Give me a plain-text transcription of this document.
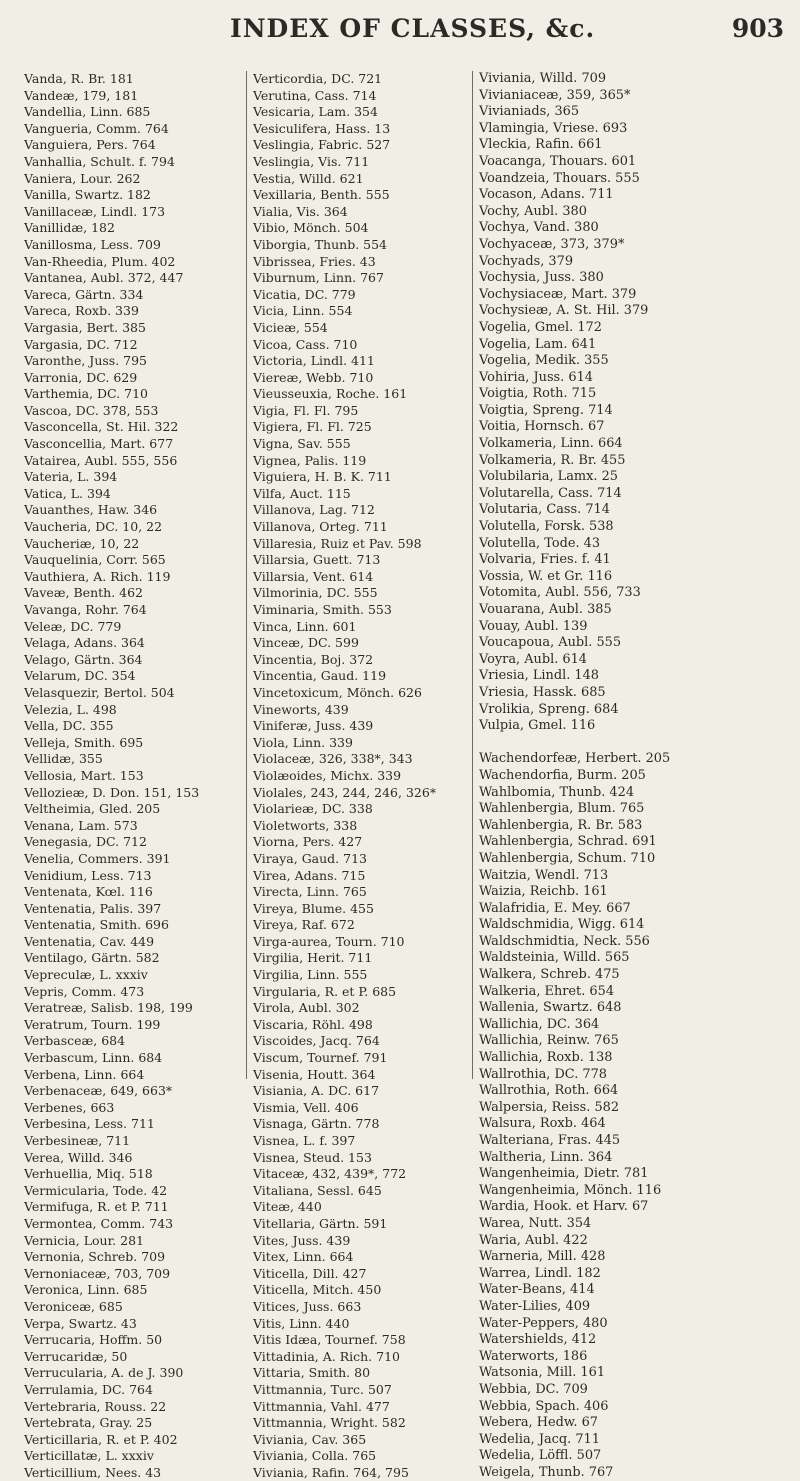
INDEX OF CLASSES, &c.	903
Vanda, R. Br. 181
Vandeæ, 179, 181
Vandellia, Linn. 685
Vangueria, Comm. 764
Vanguiera, Pers. 764
Vanhallia, Schult. f. 794
Vaniera, Lour. 262
Vanilla, Swartz. 182
Vanillaceæ, Lindl. 173
Vanillidæ, 182
Vanillosma, Less. 709
Van-Rheedia, Plum. 402
Vantanea, Aubl. 372, 447
Vareca, Gärtn. 334
Vareca, Roxb. 339
Vargasia, Bert. 385
Vargasia, DC. 712
Varonthe, Juss. 795
Varronia, DC. 629
Varthemia, DC. 710
Vascoa, DC. 378, 553
Vasconcella, St. Hil. 322
Vasconcellia, Mart. 677
Vatairea, Aubl. 555, 556
Vateria, L. 394
Vatica, L. 394
Vauanthes, Haw. 346
Vaucheria, DC. 10, 22
Vaucheriæ, 10, 22
Vauquelinia, Corr. 565
Vauthiera, A. Rich. 119
Vaveæ, Benth. 462
Vavanga, Rohr. 764
Veleæ, DC. 779
Velaga, Adans. 364
Velago, Gärtn. 364
Velarum, DC. 354
Velasquezir, Bertol. 504
Velezia, L. 498
Vella, DC. 355
Velleja, Smith. 695
Vellidæ, 355
Vellosia, Mart. 153
Vellozieæ, D. Don. 151, 153
Veltheimia, Gled. 205
Venana, Lam. 573
Venegasia, DC. 712
Venelia, Commers. 391
Venidium, Less. 713
Ventenata, Kœl. 116
Ventenatia, Palis. 397
Ventenatia, Smith. 696
Ventenatia, Cav. 449
Ventilago, Gärtn. 582
Vepreculæ, L. xxxiv
Vepris, Comm. 473
Veratreæ, Salisb. 198, 199
Veratrum, Tourn. 199
Verbasceæ, 684
Verbascum, Linn. 684
Verbena, Linn. 664
Verbenaceæ, 649, 663*
Verbenes, 663
Verbesina, Less. 711
Verbesineæ, 711
Verea, Willd. 346
Verhuellia, Miq. 518
Vermicularia, Tode. 42
Vermifuga, R. et P. 711
Vermontea, Comm. 743
Vernicia, Lour. 281
Vernonia, Schreb. 709
Vernoniaceæ, 703, 709
Veronica, Linn. 685
Veroniceæ, 685
Verpa, Swartz. 43
Verrucaria, Hoffm. 50
Verrucaridæ, 50
Verrucularia, A. de J. 390
Verrulamia, DC. 764
Vertebraria, Rouss. 22
Vertebrata, Gray. 25
Verticillaria, R. et P. 402
Verticillatæ, L. xxxiv
Verticillium, Nees. 43
Verticordia, DC. 721
Verutina, Cass. 714
Vesicaria, Lam. 354
Vesiculifera, Hass. 13
Veslingia, Fabric. 527
Veslingia, Vis. 711
Vestia, Willd. 621
Vexillaria, Benth. 555
Vialia, Vis. 364
Vibio, Mönch. 504
Viborgia, Thunb. 554
Vibrissea, Fries. 43
Viburnum, Linn. 767
Vicatia, DC. 779
Vicia, Linn. 554
Vicieæ, 554
Vicoa, Cass. 710
Victoria, Lindl. 411
Viereæ, Webb. 710
Vieusseuxia, Roche. 161
Vigia, Fl. Fl. 795
Vigiera, Fl. Fl. 725
Vigna, Sav. 555
Vignea, Palis. 119
Viguiera, H. B. K. 711
Vilfa, Auct. 115
Villanova, Lag. 712
Villanova, Orteg. 711
Villaresia, Ruiz et Pav. 598
Villarsia, Guett. 713
Villarsia, Vent. 614
Vilmorinia, DC. 555
Viminaria, Smith. 553
Vinca, Linn. 601
Vinceæ, DC. 599
Vincentia, Boj. 372
Vincentia, Gaud. 119
Vincetoxicum, Mönch. 626
Vineworts, 439
Viniferæ, Juss. 439
Viola, Linn. 339
Violaceæ, 326, 338*, 343
Violæoides, Michx. 339
Violales, 243, 244, 246, 326*
Violarieæ, DC. 338
Violetworts, 338
Viorna, Pers. 427
Viraya, Gaud. 713
Virea, Adans. 715
Virecta, Linn. 765
Vireya, Blume. 455
Vireya, Raf. 672
Virga-aurea, Tourn. 710
Virgilia, Herit. 711
Virgilia, Linn. 555
Virgularia, R. et P. 685
Virola, Aubl. 302
Viscaria, Röhl. 498
Viscoides, Jacq. 764
Viscum, Tournef. 791
Visenia, Houtt. 364
Visiania, A. DC. 617
Vismia, Vell. 406
Visnaga, Gärtn. 778
Visnea, L. f. 397
Visnea, Steud. 153
Vitaceæ, 432, 439*, 772
Vitaliana, Sessl. 645
Viteæ, 440
Vitellaria, Gärtn. 591
Vites, Juss. 439
Vitex, Linn. 664
Viticella, Dill. 427
Viticella, Mitch. 450
Vitices, Juss. 663
Vitis, Linn. 440
Vitis Idæa, Tournef. 758
Vittadinia, A. Rich. 710
Vittaria, Smith. 80
Vittmannia, Turc. 507
Vittmannia, Vahl. 477
Vittmannia, Wright. 582
Viviania, Cav. 365
Viviania, Colla. 765
Viviania, Rafin. 764, 795
Viviania, Willd. 709
Vivianiaceæ, 359, 365*
Vivianiads, 365
Vlamingia, Vriese. 693
Vleckia, Rafin. 661
Voacanga, Thouars. 601
Voandzeia, Thouars. 555
Vocason, Adans. 711
Vochy, Aubl. 380
Vochya, Vand. 380
Vochyaceæ, 373, 379*
Vochyads, 379
Vochysia, Juss. 380
Vochysiaceæ, Mart. 379
Vochysieæ, A. St. Hil. 379
Vogelia, Gmel. 172
Vogelia, Lam. 641
Vogelia, Medik. 355
Vohiria, Juss. 614
Voigtia, Roth. 715
Voigtia, Spreng. 714
Voitia, Hornsch. 67
Volkameria, Linn. 664
Volkameria, R. Br. 455
Volubilaria, Lamx. 25
Volutarella, Cass. 714
Volutaria, Cass. 714
Volutella, Forsk. 538
Volutella, Tode. 43
Volvaria, Fries. f. 41
Vossia, W. et Gr. 116
Votomita, Aubl. 556, 733
Vouarana, Aubl. 385
Vouay, Aubl. 139
Voucapoua, Aubl. 555
Voyra, Aubl. 614
Vriesia, Lindl. 148
Vriesia, Hassk. 685
Vrolikia, Spreng. 684
Vulpia, Gmel. 116
Wachendorfeæ, Herbert. 205
Wachendorfia, Burm. 205
Wahlbomia, Thunb. 424
Wahlenbergia, Blum. 765
Wahlenbergia, R. Br. 583
Wahlenbergia, Schrad. 691
Wahlenbergia, Schum. 710
Waitzia, Wendl. 713
Waizia, Reichb. 161
Walafridia, E. Mey. 667
Waldschmidia, Wigg. 614
Waldschmidtia, Neck. 556
Waldsteinia, Willd. 565
Walkera, Schreb. 475
Walkeria, Ehret. 654
Wallenia, Swartz. 648
Wallichia, DC. 364
Wallichia, Reinw. 765
Wallichia, Roxb. 138
Wallrothia, DC. 778
Wallrothia, Roth. 664
Walpersia, Reiss. 582
Walsura, Roxb. 464
Walteriana, Fras. 445
Waltheria, Linn. 364
Wangenheimia, Dietr. 781
Wangenheimia, Mönch. 116
Wardia, Hook. et Harv. 67
Warea, Nutt. 354
Waria, Aubl. 422
Warneria, Mill. 428
Warrea, Lindl. 182
Water-Beans, 414
Water-Lilies, 409
Water-Peppers, 480
Watershields, 412
Waterworts, 186
Watsonia, Mill. 161
Webbia, DC. 709
Webbia, Spach. 406
Webera, Hedw. 67
Wedelia, Jacq. 711
Wedelia, Löffl. 507
Weigela, Thunb. 767
